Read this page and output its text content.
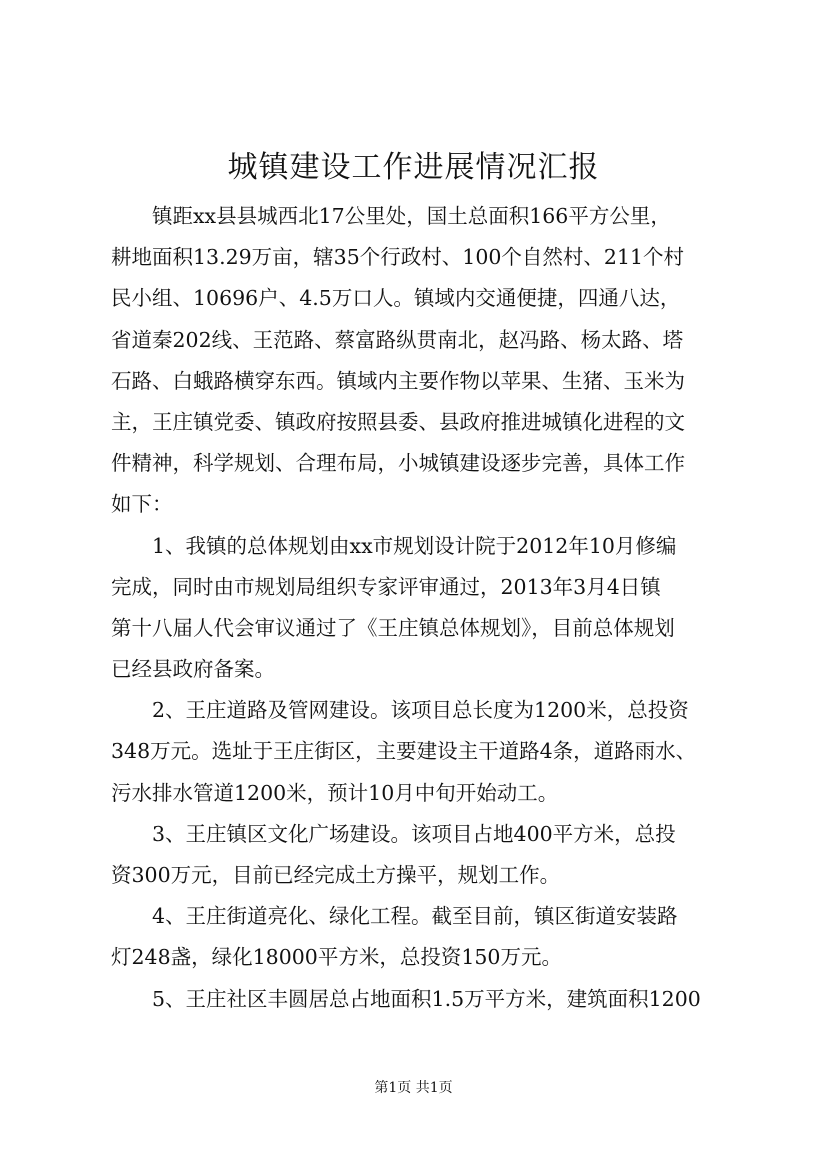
城镇建设工作进展情况汇报
镇距xx县县城西北17公里处，国土总面积166平方公里，
耕地面积13.29万亩，辖35个行政村、100个自然村、211个村
民小组、10696户、4.5万口人。镇域内交通便捷，四通八达，
省道秦202线、王范路、蔡富路纵贯南北，赵冯路、杨太路、塔
石路、白蛾路横穿东西。镇域内主要作物以苹果、生猪、玉米为
主，王庄镇党委、镇政府按照县委、县政府推进城镇化进程的文
件精神，科学规划、合理布局，小城镇建设逐步完善，具体工作
如下：
1、我镇的总体规划由xx市规划设计院于2012年10月修编
完成，同时由市规划局组织专家评审通过，2013年3月4日镇
第十八届人代会审议通过了《王庄镇总体规划》，目前总体规划
已经县政府备案。
2、王庄道路及管网建设。该项目总长度为1200米，总投资
348万元。选址于王庄街区，主要建设主干道路4条，道路雨水、
污水排水管道1200米，预计10月中旬开始动工。
3、王庄镇区文化广场建设。该项目占地400平方米，总投
资300万元，目前已经完成土方操平，规划工作。
4、王庄街道亮化、绿化工程。截至目前，镇区街道安装路
灯248盏，绿化18000平方米，总投资150万元。
5、王庄社区丰圆居总占地面积1.5万平方米，建筑面积1200
第1页 共1页
